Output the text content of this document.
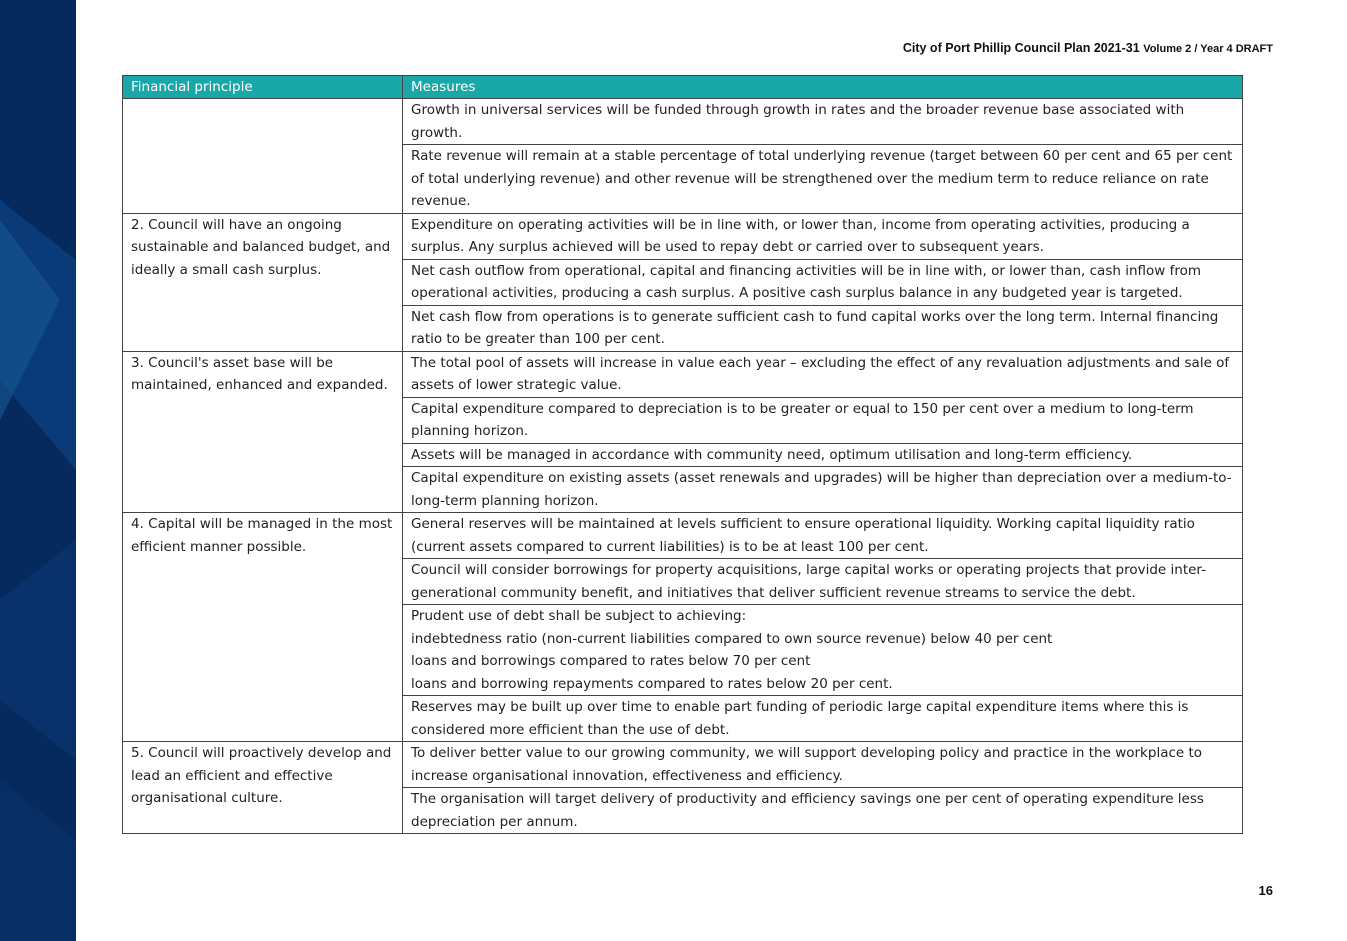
City of Port Phillip Council Plan 2021-31 Volume 2 / Year 4 DRAFT
Financial principle	Measures
	Growth in universal services will be funded through growth in rates and the broader revenue base associated with growth.
	Rate revenue will remain at a stable percentage of total underlying revenue (target between 60 per cent and 65 per cent of total underlying revenue) and other revenue will be strengthened over the medium term to reduce reliance on rate revenue.
2. Council will have an ongoing sustainable and balanced budget, and ideally a small cash surplus.	Expenditure on operating activities will be in line with, or lower than, income from operating activities, producing a surplus. Any surplus achieved will be used to repay debt or carried over to subsequent years.
	Net cash outflow from operational, capital and financing activities will be in line with, or lower than, cash inflow from operational activities, producing a cash surplus. A positive cash surplus balance in any budgeted year is targeted.
	Net cash flow from operations is to generate sufficient cash to fund capital works over the long term. Internal financing ratio to be greater than 100 per cent.
3. Council's asset base will be maintained, enhanced and expanded.	The total pool of assets will increase in value each year – excluding the effect of any revaluation adjustments and sale of assets of lower strategic value.
	Capital expenditure compared to depreciation is to be greater or equal to 150 per cent over a medium to long-term planning horizon.
	Assets will be managed in accordance with community need, optimum utilisation and long-term efficiency.
	Capital expenditure on existing assets (asset renewals and upgrades) will be higher than depreciation over a medium-to-long-term planning horizon.
4. Capital will be managed in the most efficient manner possible.	General reserves will be maintained at levels sufficient to ensure operational liquidity. Working capital liquidity ratio (current assets compared to current liabilities) is to be at least 100 per cent.
	Council will consider borrowings for property acquisitions, large capital works or operating projects that provide inter-generational community benefit, and initiatives that deliver sufficient revenue streams to service the debt.

	Prudent use of debt shall be subject to achieving:
indebtedness ratio (non-current liabilities compared to own source revenue) below 40 per cent
loans and borrowings compared to rates below 70 per cent
loans and borrowing repayments compared to rates below 20 per cent.

	Reserves may be built up over time to enable part funding of periodic large capital expenditure items where this is considered more efficient than the use of debt.
5. Council will proactively develop and lead an efficient and effective organisational culture.	To deliver better value to our growing community, we will support developing policy and practice in the workplace to increase organisational innovation, effectiveness and efficiency.
	The organisation will target delivery of productivity and efficiency savings one per cent of operating expenditure less depreciation per annum.
16
